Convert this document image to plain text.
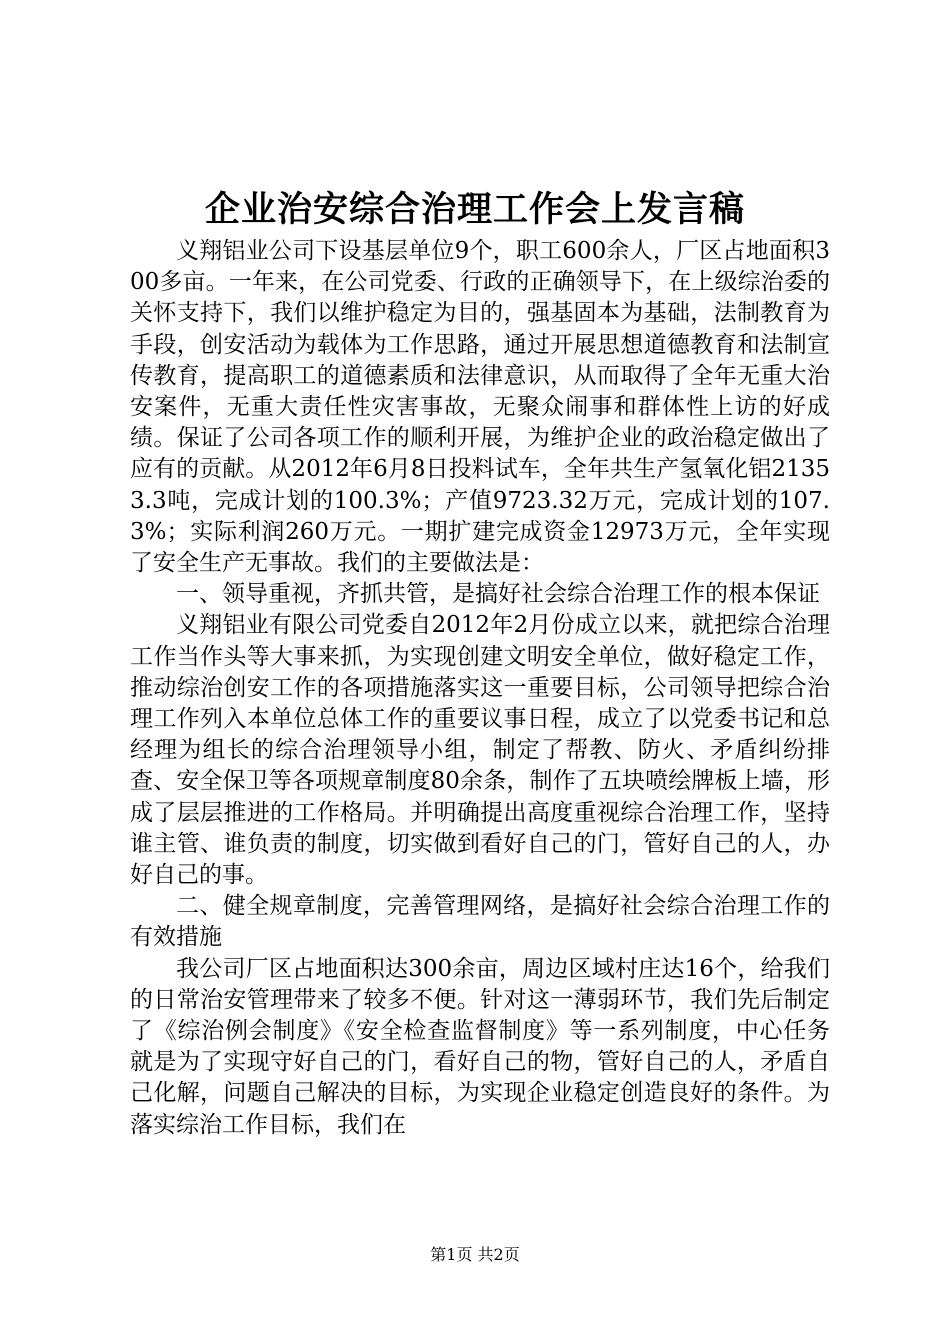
企业治安综合治理工作会上发言稿

义翔铝业公司下设基层单位9个，职工600余人，厂区占地面积300多亩。一年来，在公司党委、行政的正确领导下，在上级综治委的关怀支持下，我们以维护稳定为目的，强基固本为基础，法制教育为手段，创安活动为载体为工作思路，通过开展思想道德教育和法制宣传教育，提高职工的道德素质和法律意识，从而取得了全年无重大治安案件，无重大责任性灾害事故，无聚众闹事和群体性上访的好成绩。保证了公司各项工作的顺利开展，为维护企业的政治稳定做出了应有的贡献。从2012年6月8日投料试车，全年共生产氢氧化铝21353.3吨，完成计划的100.3%；产值9723.32万元，完成计划的107.3%；实际利润260万元。一期扩建完成资金12973万元，全年实现了安全生产无事故。我们的主要做法是：

一、领导重视，齐抓共管，是搞好社会综合治理工作的根本保证

义翔铝业有限公司党委自2012年2月份成立以来，就把综合治理工作当作头等大事来抓，为实现创建文明安全单位，做好稳定工作，推动综治创安工作的各项措施落实这一重要目标，公司领导把综合治理工作列入本单位总体工作的重要议事日程，成立了以党委书记和总经理为组长的综合治理领导小组，制定了帮教、防火、矛盾纠纷排查、安全保卫等各项规章制度80余条，制作了五块喷绘牌板上墙，形成了层层推进的工作格局。并明确提出高度重视综合治理工作，坚持谁主管、谁负责的制度，切实做到看好自己的门，管好自己的人，办好自己的事。

二、健全规章制度，完善管理网络，是搞好社会综合治理工作的有效措施

我公司厂区占地面积达300余亩，周边区域村庄达16个，给我们的日常治安管理带来了较多不便。针对这一薄弱环节，我们先后制定了《综治例会制度》《安全检查监督制度》等一系列制度，中心任务就是为了实现守好自己的门，看好自己的物，管好自己的人，矛盾自己化解，问题自己解决的目标，为实现企业稳定创造良好的条件。为落实综治工作目标，我们在

第1页 共2页
